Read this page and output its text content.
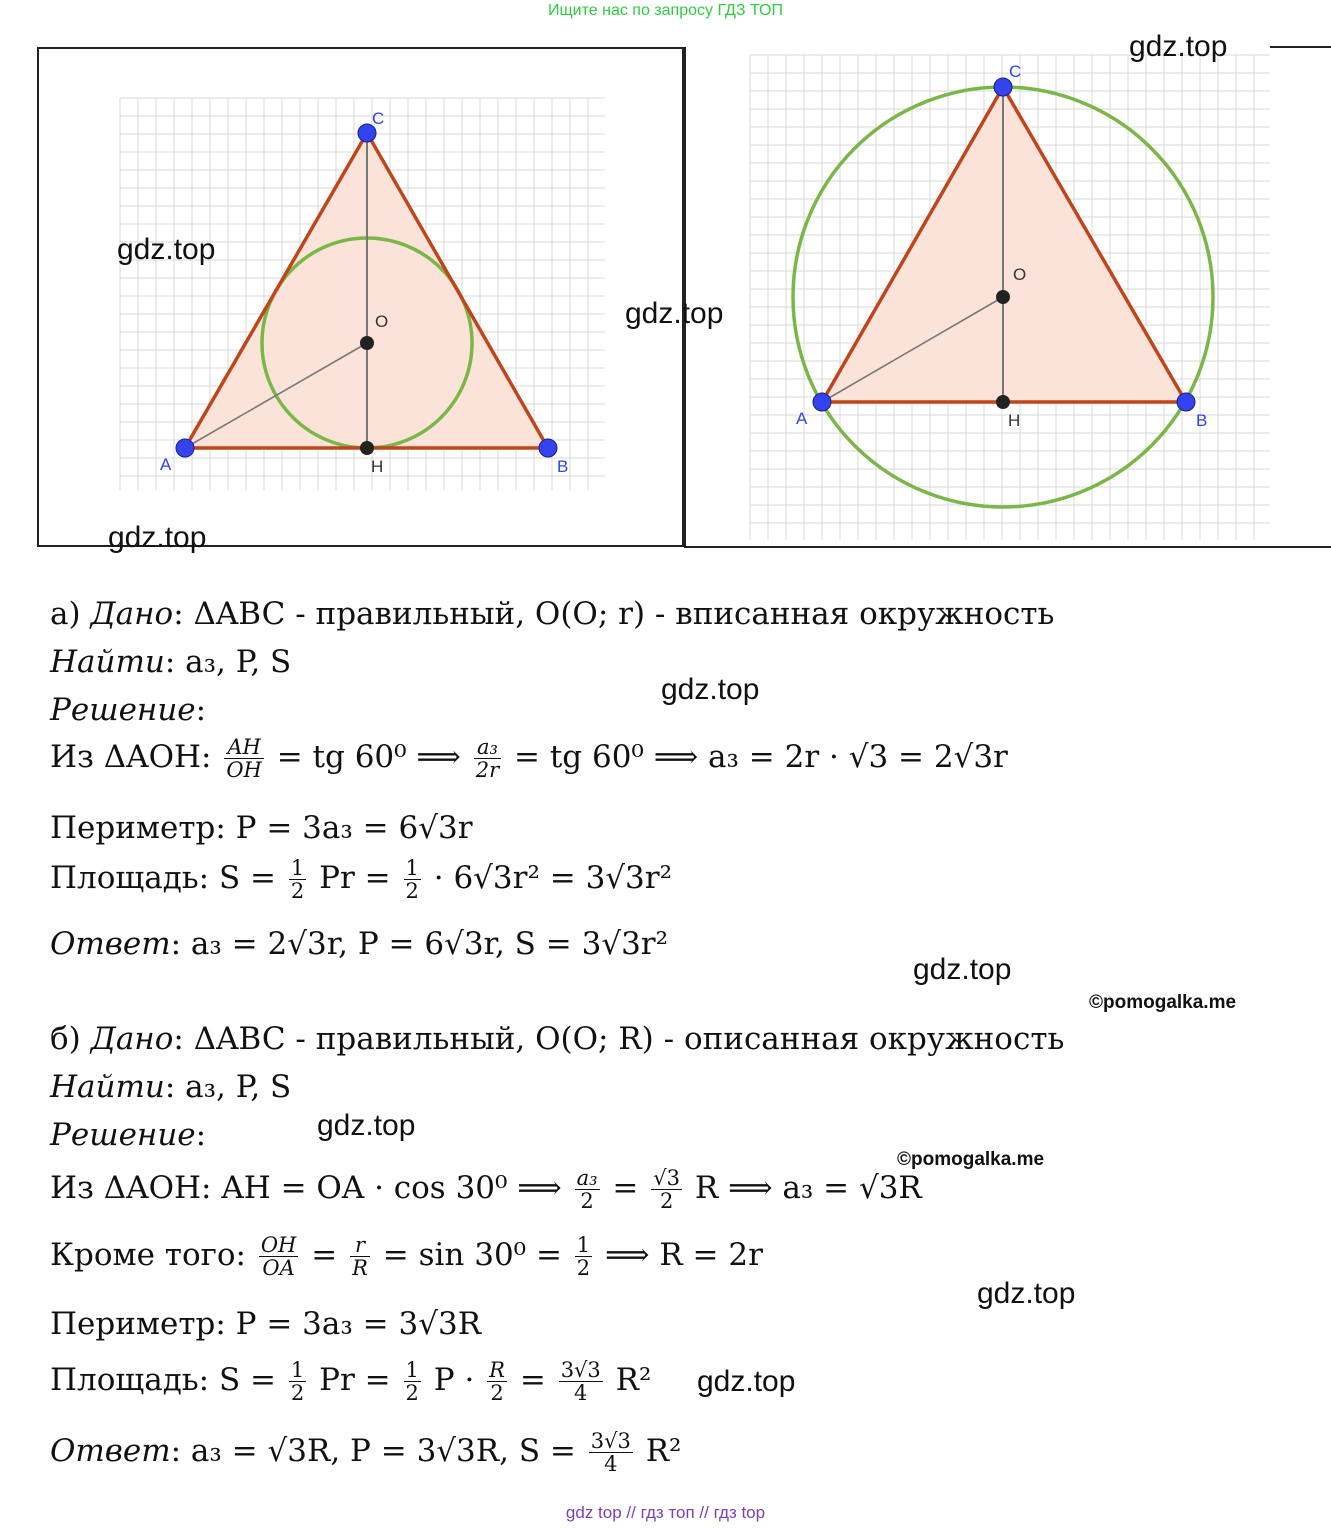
Ищите нас по запросу ГДЗ ТОП
C
O
A	H	B
C
O
A	H	B
gdz.top
gdz.top
gdz.top
gdz.top
gdz.top
gdz.top
gdz.top
gdz.top
gdz.top
©pomogalka.me
©pomogalka.me
а) Дано: ΔABC - правильный, O(O; r) - вписанная окружность
Найти: a₃, P, S
Решение:
Из ΔAOH: $\frac{AH}{OH}$ = tg 60⁰ ⟹ $\frac{\text{a₃}}{2r}$ = tg 60⁰ ⟹ a₃ = 2r · √3 = 2√3r
Периметр: P = 3a₃ = 6√3r
Площадь: $S = \frac{1}{2}$ $Pr = \frac{1}{2} \cdot 6√3r^2 = 3√3r^2$
Ответ: a₃ = 2√3r, P = 6√3r, S = 3√3r²
б) Дано: ΔABC - правильный, O(O; R) - описанная окружность
Найти: a₃, P, S
Решение:
Из ΔAOH: AH = OA · cos 30⁰ ⟹ $\frac{\text{a₃}}{2} = \frac{√3}{2}$ R ⟹ a₃ = √3R
Кроме того: $\frac{OH}{OA} = \frac{r}{R} = \sin 30^0 = \frac{1}{2}$ ⟹ R = 2r
Периметр: P = 3a₃ = 3√3R
Площадь: $S = \frac{1}{2}$ $Pr = \frac{1}{2}$ $P \cdot \frac{R}{2} = \frac{3√3}{4} R^2$
Ответ: a₃ = √3R, P = 3√3R, $S = \frac{3√3}{4} R^2$
gdz top // гдз топ // гдз top
